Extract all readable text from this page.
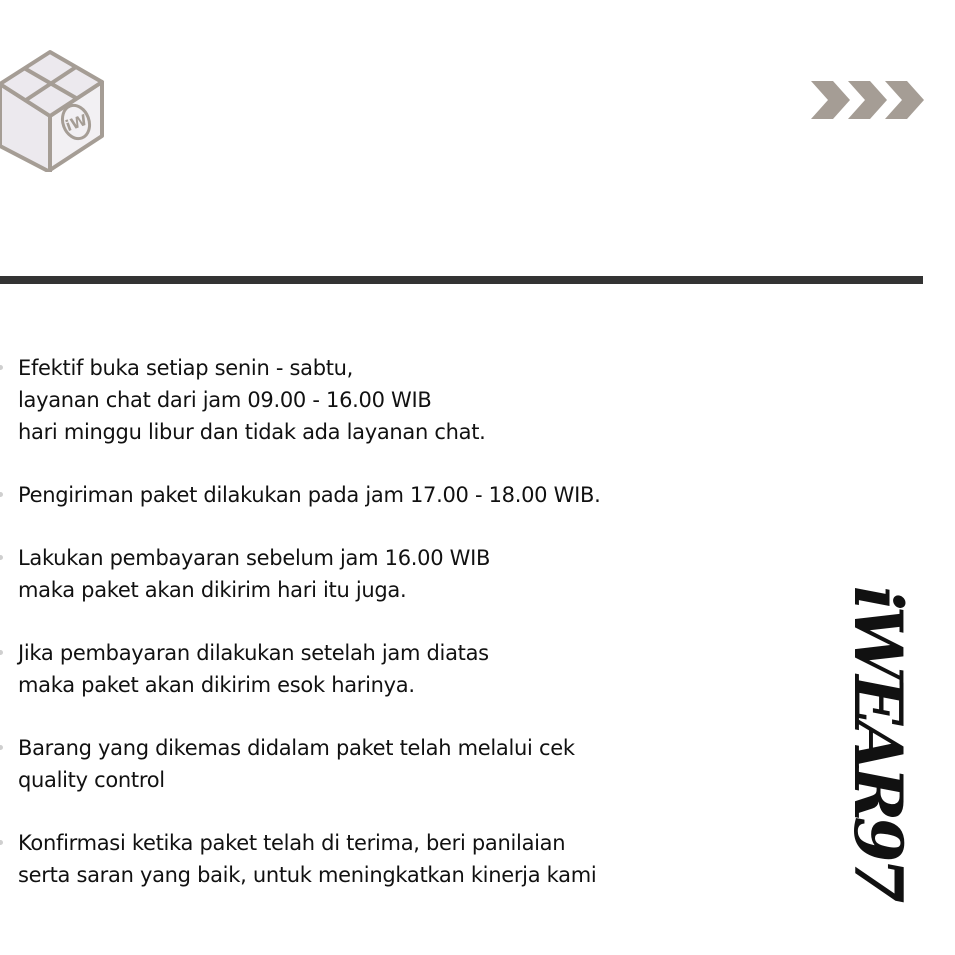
iW
Efektif buka setiap senin - sabtu,
layanan chat dari jam 09.00 - 16.00 WIB
hari minggu libur dan tidak ada layanan chat.
Pengiriman paket dilakukan pada jam 17.00 - 18.00 WIB.
Lakukan pembayaran sebelum jam 16.00 WIB
maka paket akan dikirim hari itu juga.
Jika pembayaran dilakukan setelah jam diatas
maka paket akan dikirim esok harinya.
Barang yang dikemas didalam paket telah melalui cek
quality control
Konfirmasi ketika paket telah di terima, beri panilaian
serta saran yang baik, untuk meningkatkan kinerja kami	iWEAR97
